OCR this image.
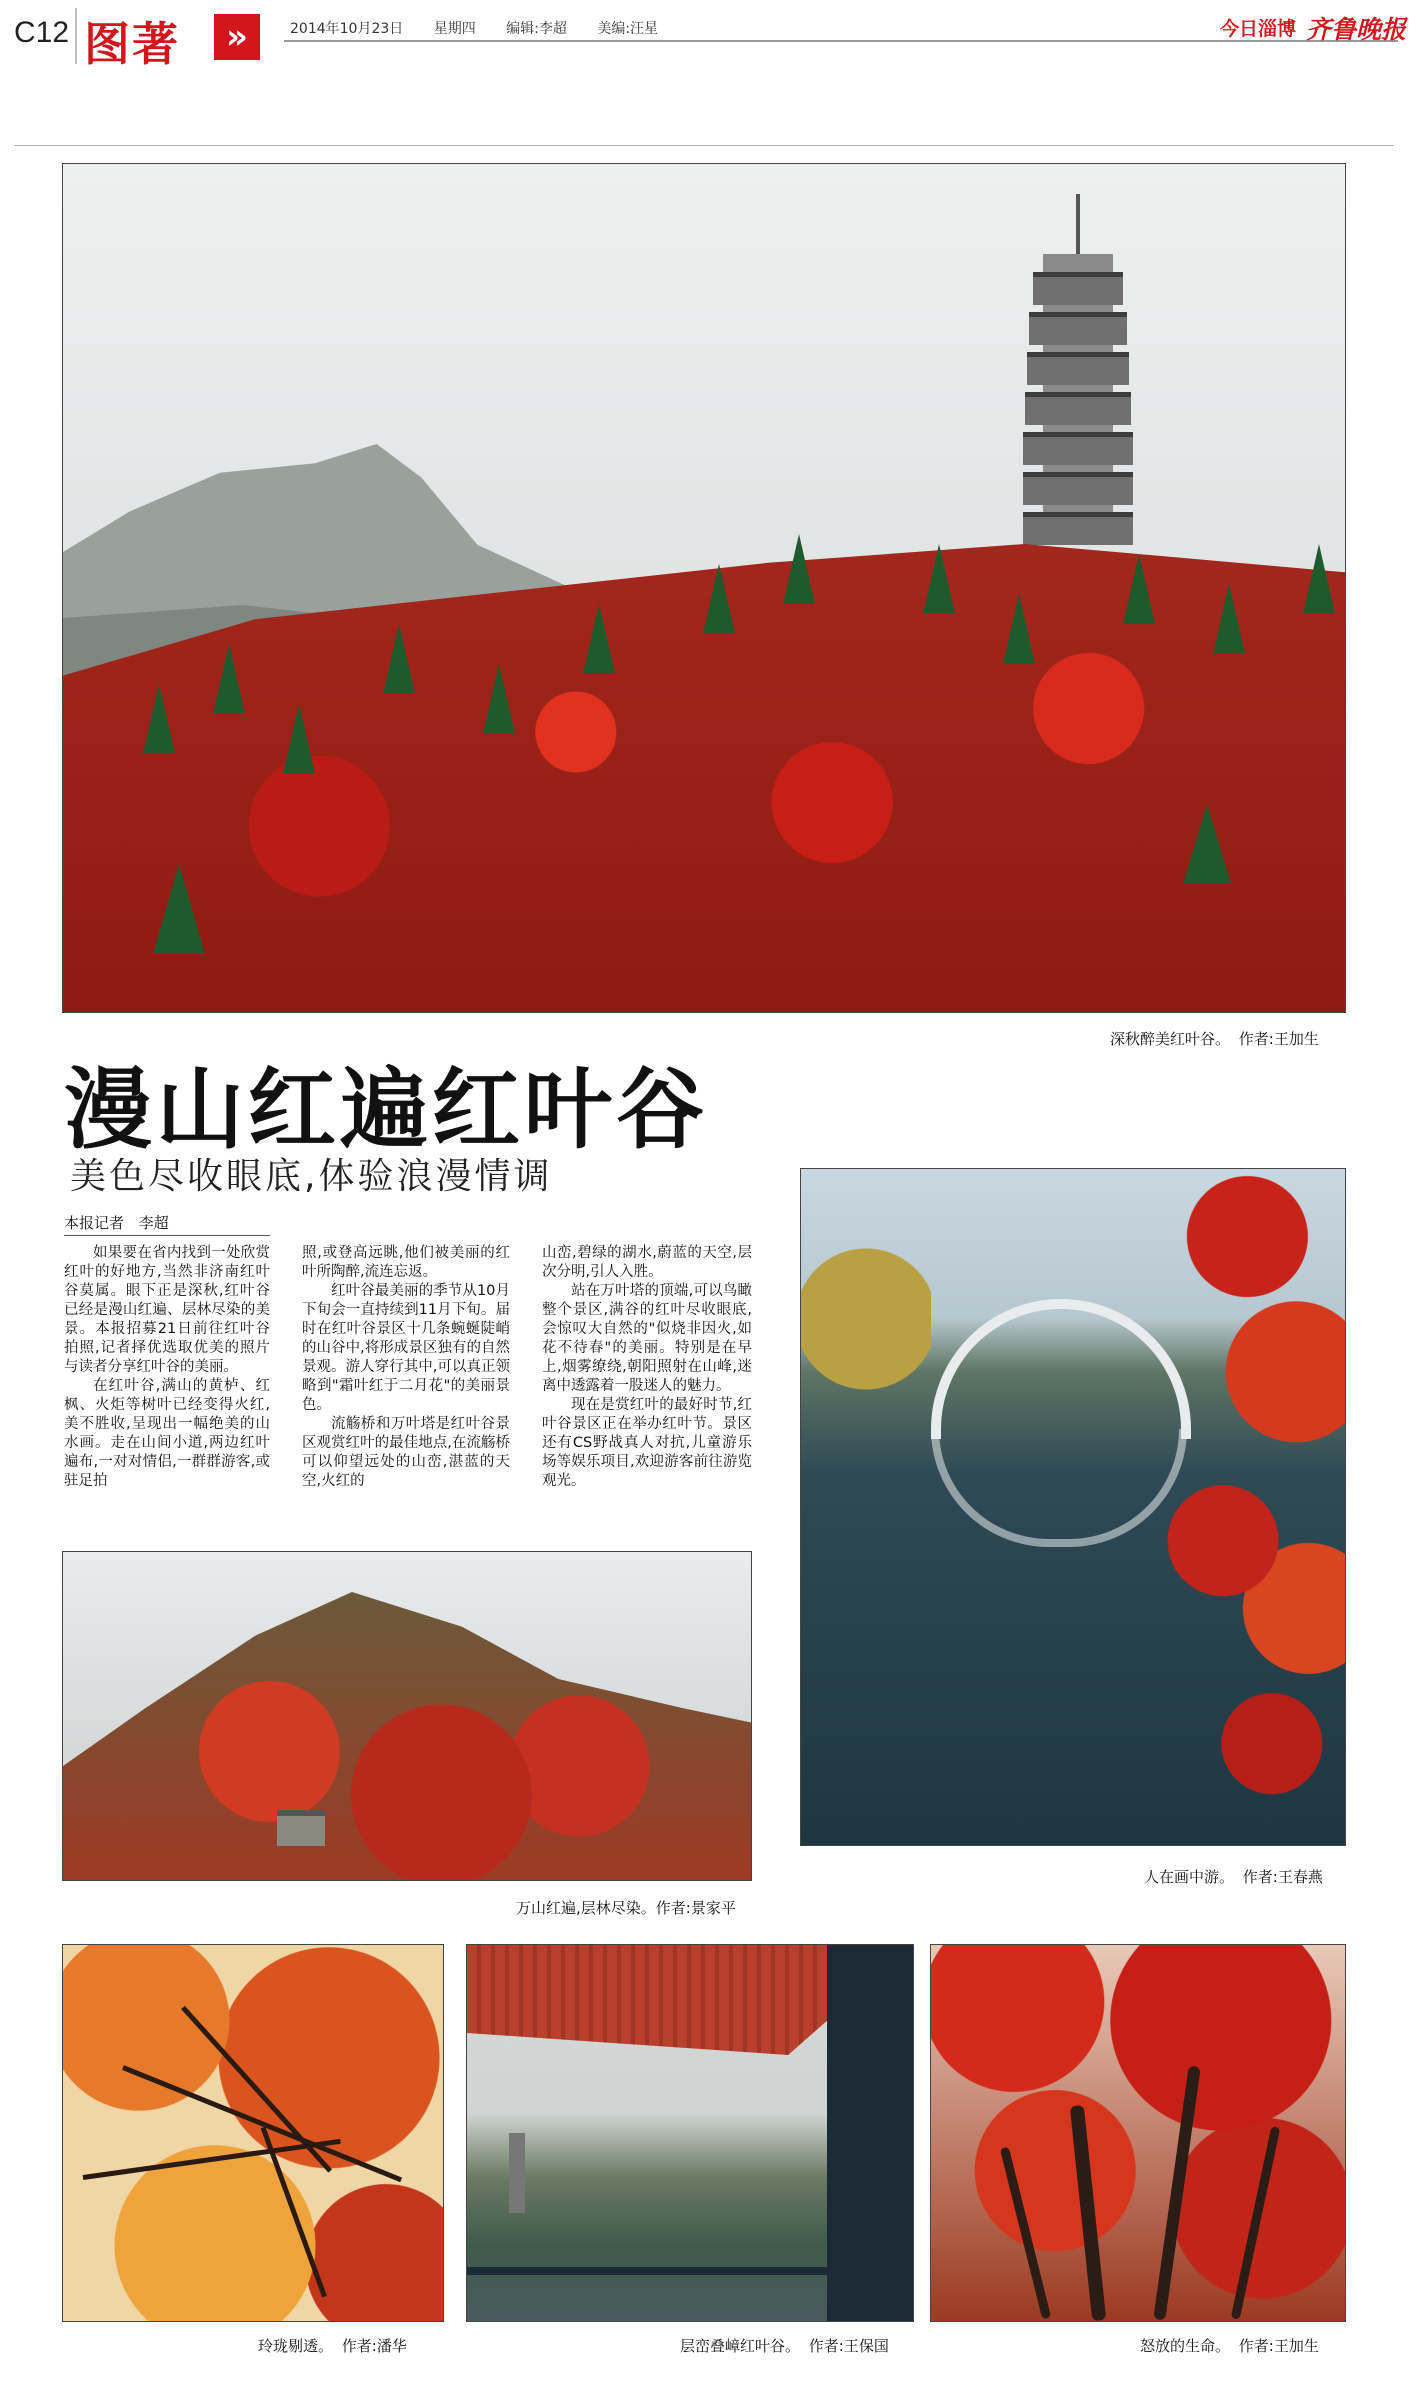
C12 图著	»	2014年10月23日 星期四 编辑:李超 美编:汪星	今日淄博 齐鲁晚报
深秋醉美红叶谷。 作者:王加生
漫山红遍红叶谷
美色尽收眼底,体验浪漫情调
本报记者 李超

如果要在省内找到一处欣赏红叶的好地方,当然非济南红叶谷莫属。眼下正是深秋,红叶谷已经是漫山红遍、层林尽染的美景。本报招募21日前往红叶谷拍照,记者择优选取优美的照片与读者分享红叶谷的美丽。

在红叶谷,满山的黄栌、红枫、火炬等树叶已经变得火红,美不胜收,呈现出一幅绝美的山水画。走在山间小道,两边红叶遍布,一对对情侣,一群群游客,或驻足拍

照,或登高远眺,他们被美丽的红叶所陶醉,流连忘返。

红叶谷最美丽的季节从10月下旬会一直持续到11月下旬。届时在红叶谷景区十几条蜿蜒陡峭的山谷中,将形成景区独有的自然景观。游人穿行其中,可以真正领略到"霜叶红于二月花"的美丽景色。

流觞桥和万叶塔是红叶谷景区观赏红叶的最佳地点,在流觞桥可以仰望远处的山峦,湛蓝的天空,火红的

山峦,碧绿的湖水,蔚蓝的天空,层次分明,引人入胜。

站在万叶塔的顶端,可以鸟瞰整个景区,满谷的红叶尽收眼底,会惊叹大自然的"似烧非因火,如花不待春"的美丽。特别是在早上,烟雾缭绕,朝阳照射在山峰,迷离中透露着一股迷人的魅力。

现在是赏红叶的最好时节,红叶谷景区正在举办红叶节。景区还有CS野战真人对抗,儿童游乐场等娱乐项目,欢迎游客前往游览观光。

人在画中游。 作者:王春燕
万山红遍,层林尽染。作者:景家平
玲珑剔透。 作者:潘华	层峦叠嶂红叶谷。 作者:王保国	怒放的生命。 作者:王加生
